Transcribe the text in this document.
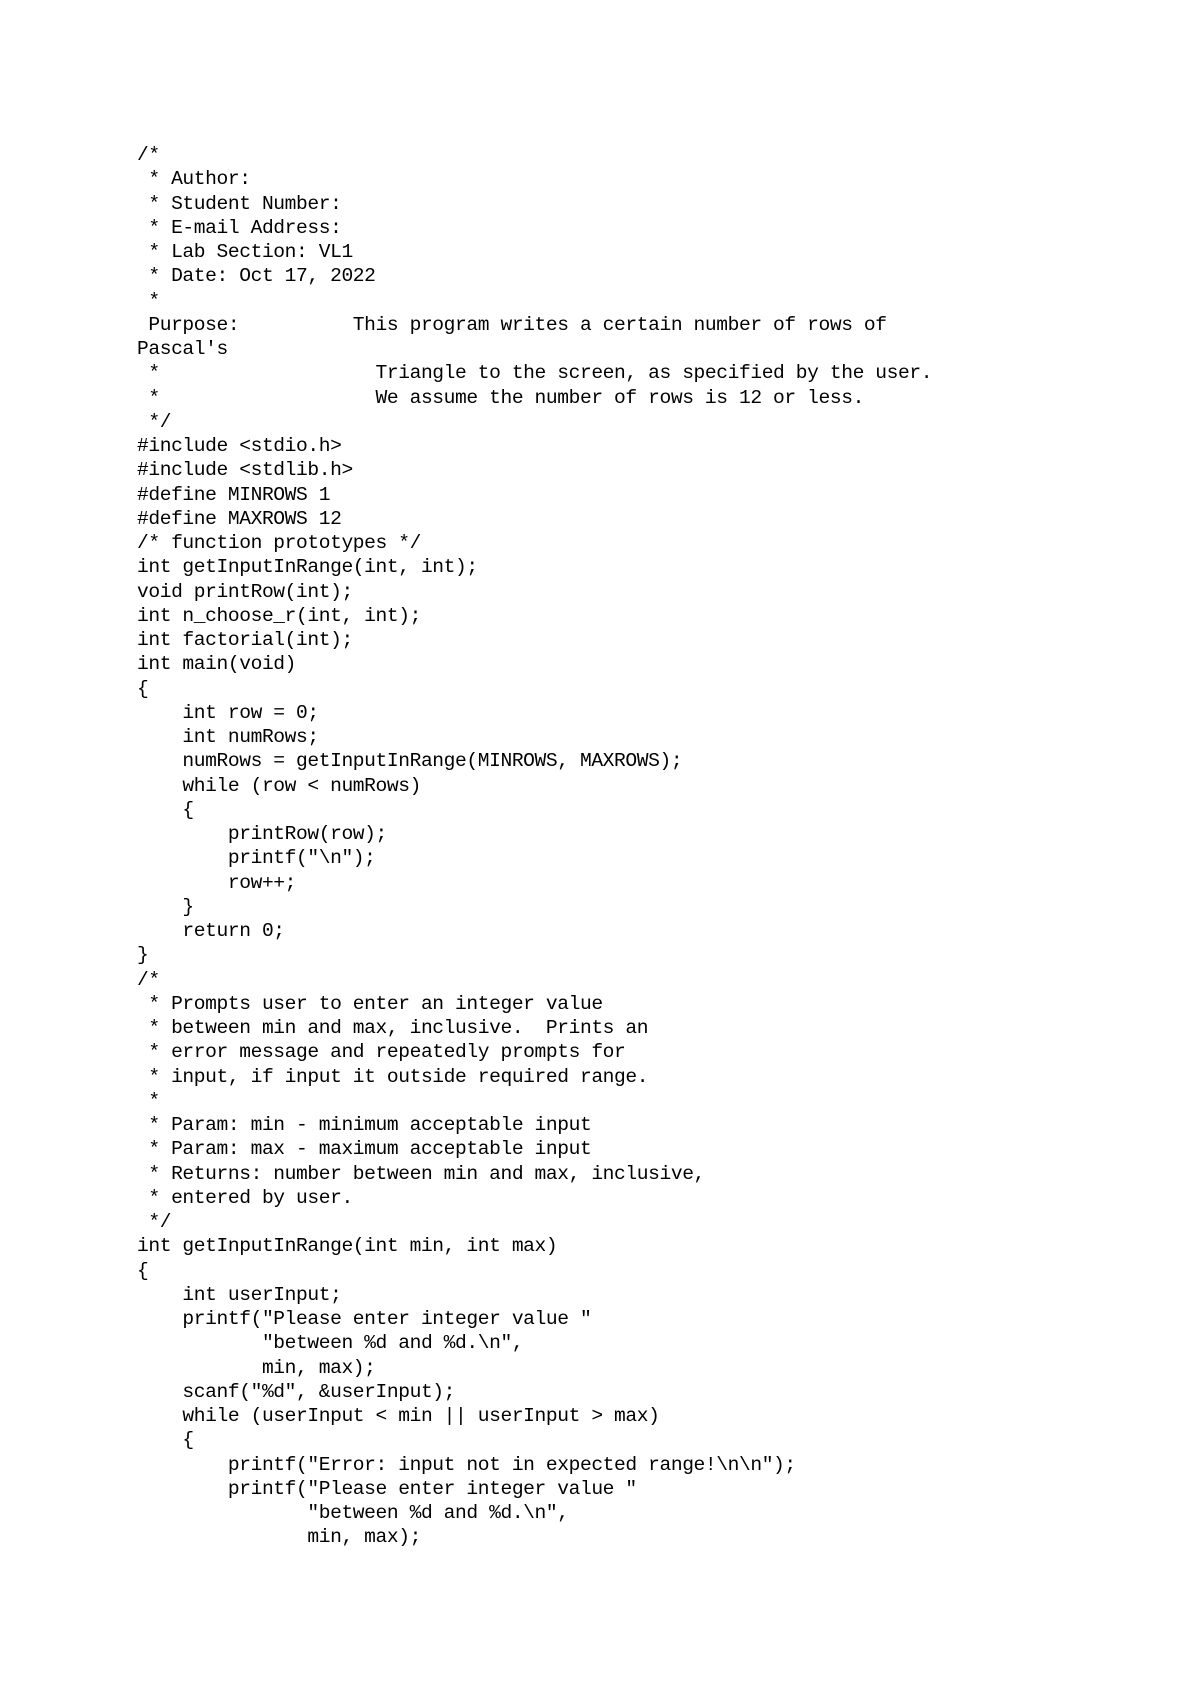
/*
* Author:
* Student Number:
* E-mail Address:
* Lab Section: VL1
* Date: Oct 17, 2022
*
Purpose:          This program writes a certain number of rows of
Pascal's
*                   Triangle to the screen, as specified by the user.
*                   We assume the number of rows is 12 or less.
*/
#include <stdio.h>
#include <stdlib.h>
#define MINROWS 1
#define MAXROWS 12
/* function prototypes */
int getInputInRange(int, int);
void printRow(int);
int n_choose_r(int, int);
int factorial(int);
int main(void)
{
int row = 0;
int numRows;
numRows = getInputInRange(MINROWS, MAXROWS);
while (row < numRows)
{
printRow(row);
printf("\n");
row++;
}
return 0;
}
/*
* Prompts user to enter an integer value
* between min and max, inclusive.  Prints an
* error message and repeatedly prompts for
* input, if input it outside required range.
*
* Param: min - minimum acceptable input
* Param: max - maximum acceptable input
* Returns: number between min and max, inclusive,
* entered by user.
*/
int getInputInRange(int min, int max)
{
int userInput;
printf("Please enter integer value "
"between %d and %d.\n",
min, max);
scanf("%d", &userInput);
while (userInput < min || userInput > max)
{
printf("Error: input not in expected range!\n\n");
printf("Please enter integer value "
"between %d and %d.\n",
min, max);
